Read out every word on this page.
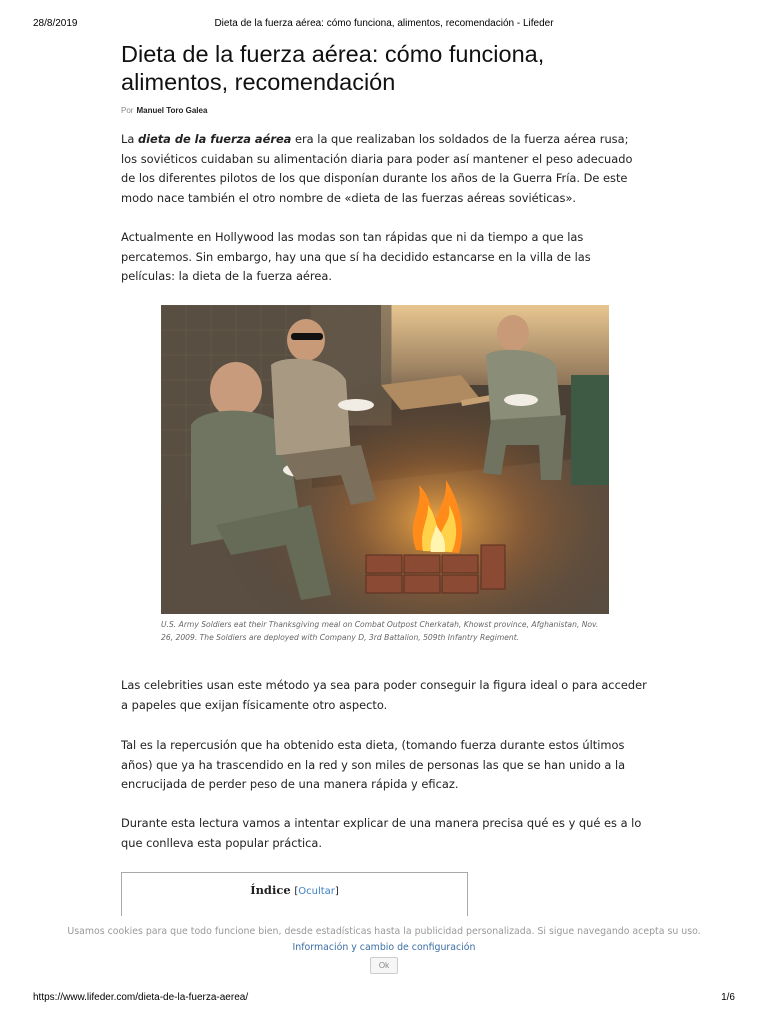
28/8/2019	Dieta de la fuerza aérea: cómo funciona, alimentos, recomendación - Lifeder
Dieta de la fuerza aérea: cómo funciona, alimentos, recomendación
Por Manuel Toro Galea

La dieta de la fuerza aérea era la que realizaban los soldados de la fuerza aérea rusa; los soviéticos cuidaban su alimentación diaria para poder así mantener el peso adecuado de los diferentes pilotos de los que disponían durante los años de la Guerra Fría. De este modo nace también el otro nombre de «dieta de las fuerzas aéreas soviéticas».

Actualmente en Hollywood las modas son tan rápidas que ni da tiempo a que las percatemos. Sin embargo, hay una que sí ha decidido estancarse en la villa de las películas: la dieta de la fuerza aérea.

U.S. Army Soldiers eat their Thanksgiving meal on Combat Outpost Cherkatah, Khowst province, Afghanistan, Nov. 26, 2009. The Soldiers are deployed with Company D, 3rd Battalion, 509th Infantry Regiment.

Las celebrities usan este método ya sea para poder conseguir la figura ideal o para acceder a papeles que exijan físicamente otro aspecto.

Tal es la repercusión que ha obtenido esta dieta, (tomando fuerza durante estos últimos años) que ya ha trascendido en la red y son miles de personas las que se han unido a la encrucijada de perder peso de una manera rápida y eficaz.

Durante esta lectura vamos a intentar explicar de una manera precisa qué es y qué es a lo que conlleva esta popular práctica.

Índice [Ocultar]
Usamos cookies para que todo funcione bien, desde estadísticas hasta la publicidad personalizada. Si sigue navegando acepta su uso.
Información y cambio de configuración
Ok
https://www.lifeder.com/dieta-de-la-fuerza-aerea/	1/6
